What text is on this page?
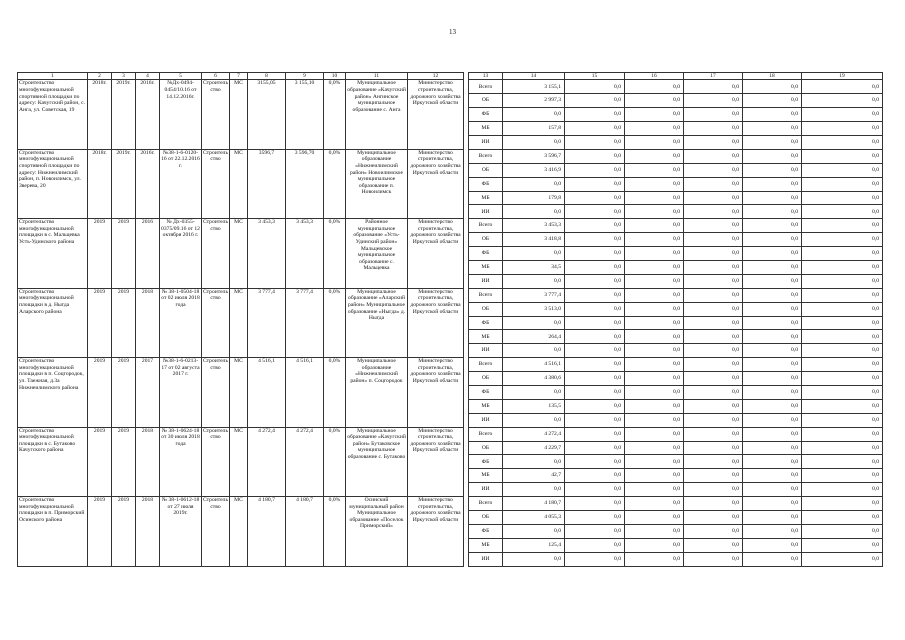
13
1	2	3	4	5	6	7	8	9	10	11	12		13	14	15	16	17	18	19
Строительство многофункциональной спортивной площадки по адресу: Качугский район, с. Анга, ул. Советская, 19	2018г.	2019г.	2016г.	№Дх-0494-0454/10.16 от 14.12.2016г.	Строитель ство	МС	3155,05	3 155,10	0,0%	Муниципальное образование «Качугский район» Ангинское муниципальное образование с. Анга	Министерство строительства, дорожного хозяйства Иркутской области		Всего	3 155,1	0,0	0,0	0,0	0,0	0,0
													ОБ	2 997,3	0,0	0,0	0,0	0,0	0,0
													ФБ	0,0	0,0	0,0	0,0	0,0	0,0
													МБ	157,8	0,0	0,0	0,0	0,0	0,0
													ИИ	0,0	0,0	0,0	0,0	0,0	0,0
Строительство многофункциональной спортивной площадки по адресу: Нижнеилимский район, п. Новоилимск, ул. Зверева, 20	2018г.	2019г.	2016г.	№38-1-6-0120-16 от 22.12.2016 г.	Строитель ство	МС	3596,7	3 596,70	0,0%	Муниципальное образование «Нижнеилимский район» Новоилимское муниципальное образование п. Новоилимск	Министерство строительства, дорожного хозяйства Иркутской области		Всего	3 596,7	0,0	0,0	0,0	0,0	0,0
													ОБ	3 416,9	0,0	0,0	0,0	0,0	0,0
													ФБ	0,0	0,0	0,0	0,0	0,0	0,0
													МБ	179,8	0,0	0,0	0,0	0,0	0,0
													ИИ	0,0	0,0	0,0	0,0	0,0	0,0
Строительство многофункциональной площадки в с. Мальцевка Усть-Удинского района	2019	2019	2016	№ Дх-0355-0375/09.16 от 12 октября 2016 г.	Строитель ство	МС	3 453,3	3 453,3	0,0%	Районное муниципальное образование «Усть-Удинский район» Мальцевское муниципальное образование с. Мальцевка	Министерство строительства, дорожного хозяйства Иркутской области		Всего	3 453,3	0,0	0,0	0,0	0,0	0,0
													ОБ	3 418,8	0,0	0,0	0,0	0,0	0,0
													ФБ	0,0	0,0	0,0	0,0	0,0	0,0
													МБ	34,5	0,0	0,0	0,0	0,0	0,0
													ИИ	0,0	0,0	0,0	0,0	0,0	0,0
Строительство многофункциональной площадки в д. Ныгда Аларского района	2019	2019	2018	№ 38-1-0504-18 от 02 июля 2018 года	Строитель ство	МС	3 777,4	3 777,4	0,0%	Муниципальное образование «Аларский район» Муниципальное образование «Ныгда» д. Ныгда	Министерство строительства, дорожного хозяйства Иркутской области		Всего	3 777,4	0,0	0,0	0,0	0,0	0,0
													ОБ	3 513,0	0,0	0,0	0,0	0,0	0,0
													ФБ	0,0	0,0	0,0	0,0	0,0	0,0
													МБ	264,4	0,0	0,0	0,0	0,0	0,0
													ИИ	0,0	0,0	0,0	0,0	0,0	0,0
Строительство многофункциональной площадки в п. Соцгородок, ул. Таежная, д.3а Нижнеилимского района	2019	2019	2017	№38-1-6-0213-17 от 02 августа 2017 г.	Строитель ство	МС	4 516,1	4 516,1	0,0%	Муниципальное образование «Нижнеилимский район» п. Соцгородок	Министерство строительства, дорожного хозяйства Иркутской области		Всего	4 516,1	0,0	0,0	0,0	0,0	0,0
													ОБ	4 380,6	0,0	0,0	0,0	0,0	0,0
													ФБ	0,0	0,0	0,0	0,0	0,0	0,0
													МБ	135,5	0,0	0,0	0,0	0,0	0,0
													ИИ	0,0	0,0	0,0	0,0	0,0	0,0
Строительство многофункциональной площадки в с. Бутаково Качугского района	2019	2019	2018	№ 38-1-0624-18 от 30 июля 2018 года	Строитель ство	МС	4 272,4	4 272,4	0,0%	Муниципальное образование «Качугский район» Бутаковское муниципальное образование с. Бутаково	Министерство строительства, дорожного хозяйства Иркутской области		Всего	4 272,4	0,0	0,0	0,0	0,0	0,0
													ОБ	4 229,7	0,0	0,0	0,0	0,0	0,0
													ФБ	0,0	0,0	0,0	0,0	0,0	0,0
													МБ	42,7	0,0	0,0	0,0	0,0	0,0
													ИИ	0,0	0,0	0,0	0,0	0,0	0,0
Строительство многофункциональной площадки в п. Приморский Осинского района	2019	2019	2018	№ 38-1-0612-18 от 27 июля 2019г.	Строитель ство	МС	4 180,7	4 180,7	0,0%	Осинский муниципальный район Муниципальное образование «Поселок Приморский»	Министерство строительства, дорожного хозяйства Иркутской области		Всего	4 180,7	0,0	0,0	0,0	0,0	0,0
													ОБ	4 055,3	0,0	0,0	0,0	0,0	0,0
													ФБ	0,0	0,0	0,0	0,0	0,0	0,0
													МБ	125,4	0,0	0,0	0,0	0,0	0,0
													ИИ	0,0	0,0	0,0	0,0	0,0	0,0
